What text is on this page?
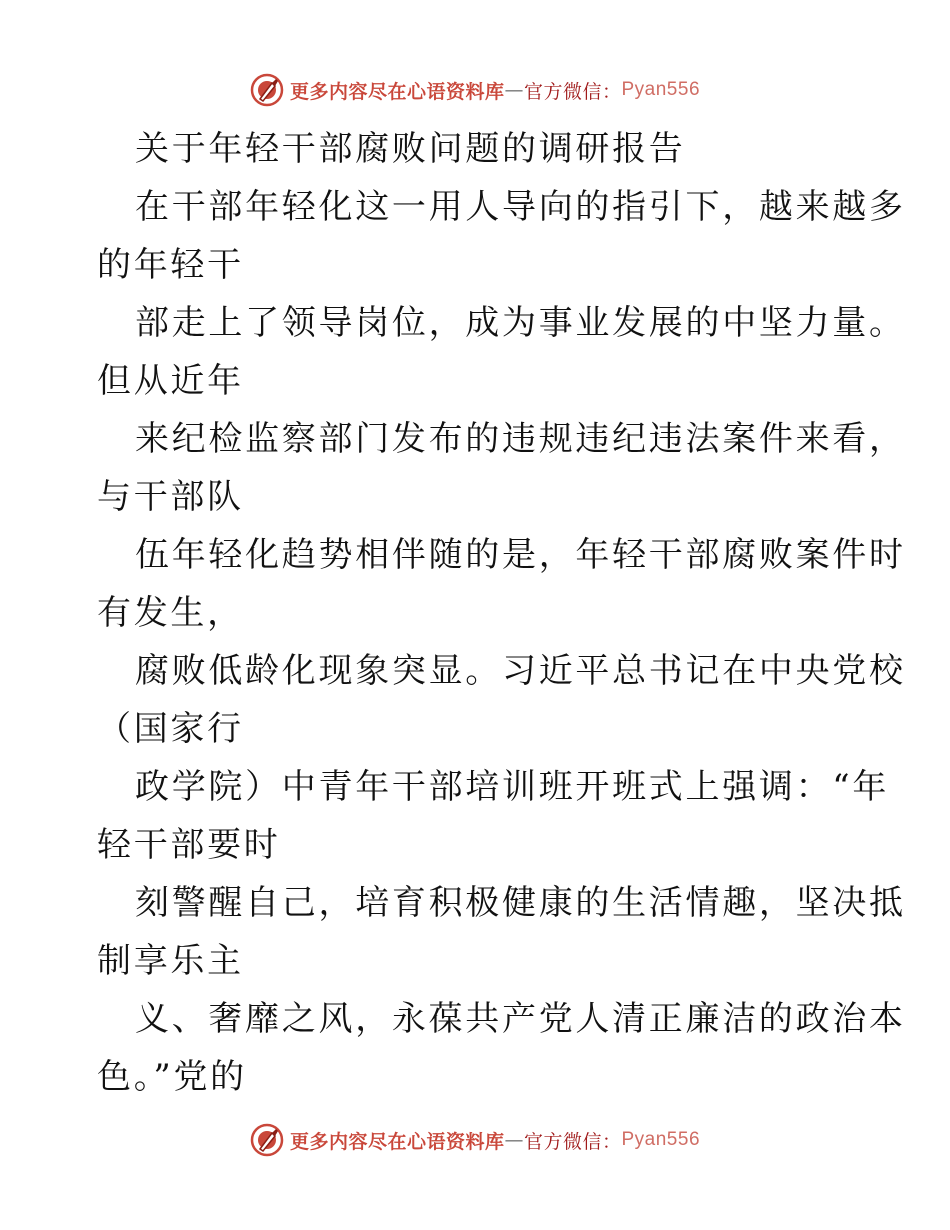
更多内容尽在心语资料库 — 官方微信： Pyan556
关于年轻干部腐败问题的调研报告
在干部年轻化这一用人导向的指引下，越来越多
的年轻干
部走上了领导岗位，成为事业发展的中坚力量。
但从近年
来纪检监察部门发布的违规违纪违法案件来看，
与干部队
伍年轻化趋势相伴随的是，年轻干部腐败案件时
有发生，
腐败低龄化现象突显。习近平总书记在中央党校
（国家行
政学院）中青年干部培训班开班式上强调：“年
轻干部要时
刻警醒自己，培育积极健康的生活情趣，坚决抵
制享乐主
义、奢靡之风，永葆共产党人清正廉洁的政治本
色。”党的
更多内容尽在心语资料库 — 官方微信： Pyan556
